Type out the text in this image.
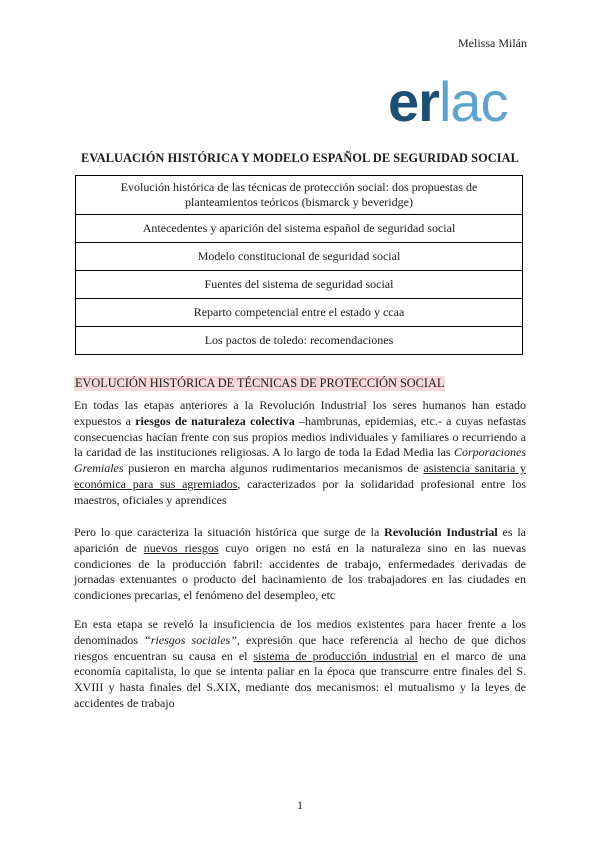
Melissa Milán
erlac
EVALUACIÓN HISTÓRICA Y MODELO ESPAÑOL DE SEGURIDAD SOCIAL
Evolución histórica de las técnicas de protección social: dos propuestas de planteamientos teóricos (bismarck y beveridge)
Antecedentes y aparición del sistema español de seguridad social
Modelo constitucional de seguridad social
Fuentes del sistema de seguridad social
Reparto competencial entre el estado y ccaa
Los pactos de toledo: recomendaciones
EVOLUCIÓN HISTÓRICA DE TÉCNICAS DE PROTECCIÓN SOCIAL
En todas las etapas anteriores a la Revolución Industrial los seres humanos han estado expuestos a riesgos de naturaleza colectiva –hambrunas, epidemias, etc.- a cuyas nefastas consecuencias hacían frente con sus propios medios individuales y familiares o recurriendo a la caridad de las instituciones religiosas. A lo largo de toda la Edad Media las Corporaciones Gremiales pusieron en marcha algunos rudimentarios mecanismos de asistencia sanitaria y económica para sus agremiados, caracterizados por la solidaridad profesional entre los maestros, oficiales y aprendices
Pero lo que caracteriza la situación histórica que surge de la Revolución Industrial es la aparición de nuevos riesgos cuyo origen no está en la naturaleza sino en las nuevas condiciones de la producción fabril: accidentes de trabajo, enfermedades derivadas de jornadas extenuantes o producto del hacinamiento de los trabajadores en las ciudades en condiciones precarias, el fenómeno del desempleo, etc
En esta etapa se reveló la insuficiencia de los medios existentes para hacer frente a los denominados “riesgos sociales”, expresión que hace referencia al hecho de que dichos riesgos encuentran su causa en el sistema de producción industrial en el marco de una economía capitalista, lo que se intenta paliar en la época que transcurre entre finales del S. XVIII y hasta finales del S.XIX, mediante dos mecanismos: el mutualismo y la leyes de accidentes de trabajo
1
